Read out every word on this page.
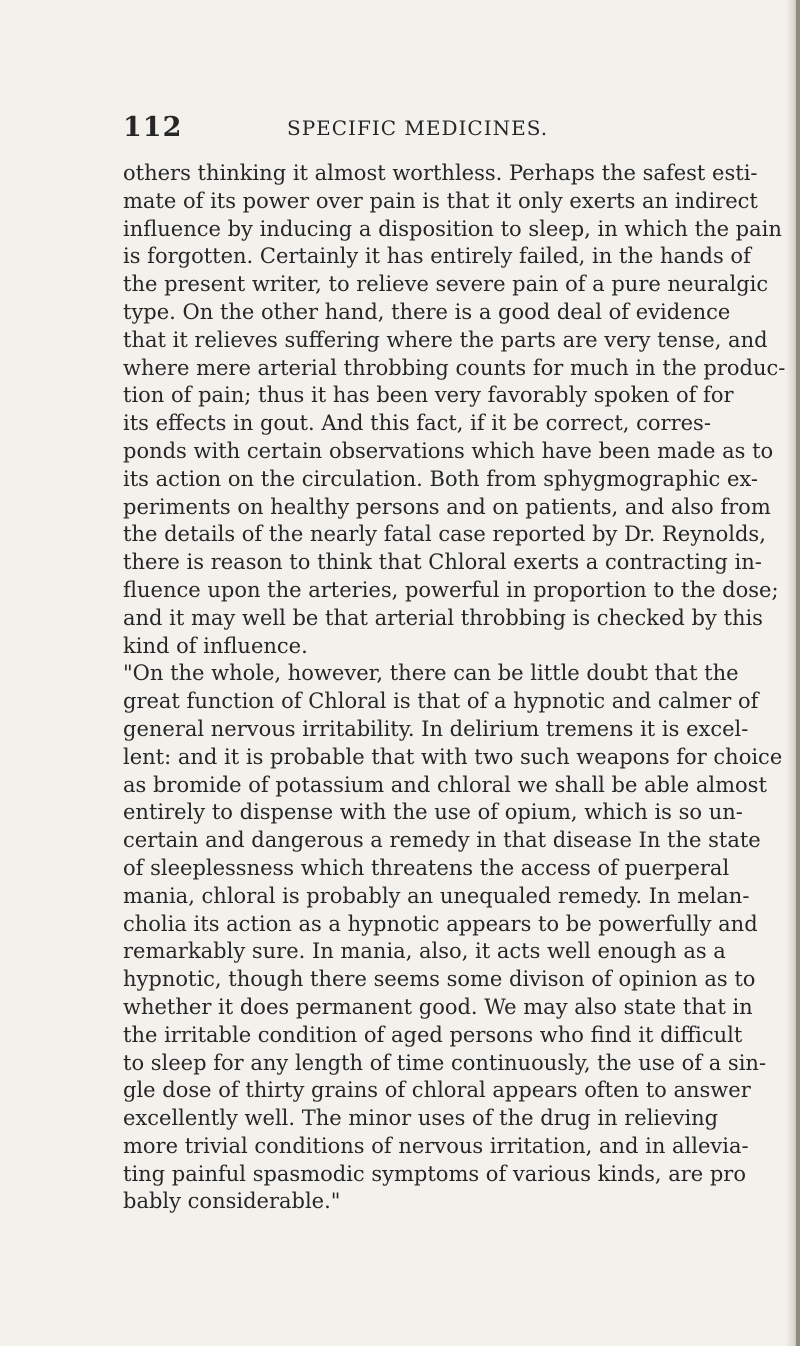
112	SPECIFIC MEDICINES.
others thinking it almost worthless. Perhaps the safest esti-
mate of its power over pain is that it only exerts an indirect
influence by inducing a disposition to sleep, in which the pain
is forgotten. Certainly it has entirely failed, in the hands of
the present writer, to relieve severe pain of a pure neuralgic
type. On the other hand, there is a good deal of evidence
that it relieves suffering where the parts are very tense, and
where mere arterial throbbing counts for much in the produc-
tion of pain; thus it has been very favorably spoken of for
its effects in gout. And this fact, if it be correct, corres-
ponds with certain observations which have been made as to
its action on the circulation. Both from sphygmographic ex-
periments on healthy persons and on patients, and also from
the details of the nearly fatal case reported by Dr. Reynolds,
there is reason to think that Chloral exerts a contracting in-
fluence upon the arteries, powerful in proportion to the dose;
and it may well be that arterial throbbing is checked by this
kind of influence.
"On the whole, however, there can be little doubt that the
great function of Chloral is that of a hypnotic and calmer of
general nervous irritability. In delirium tremens it is excel-
lent: and it is probable that with two such weapons for choice
as bromide of potassium and chloral we shall be able almost
entirely to dispense with the use of opium, which is so un-
certain and dangerous a remedy in that disease In the state
of sleeplessness which threatens the access of puerperal
mania, chloral is probably an unequaled remedy. In melan-
cholia its action as a hypnotic appears to be powerfully and
remarkably sure. In mania, also, it acts well enough as a
hypnotic, though there seems some divison of opinion as to
whether it does permanent good. We may also state that in
the irritable condition of aged persons who find it difficult
to sleep for any length of time continuously, the use of a sin-
gle dose of thirty grains of chloral appears often to answer
excellently well. The minor uses of the drug in relieving
more trivial conditions of nervous irritation, and in allevia-
ting painful spasmodic symptoms of various kinds, are pro
bably considerable."
